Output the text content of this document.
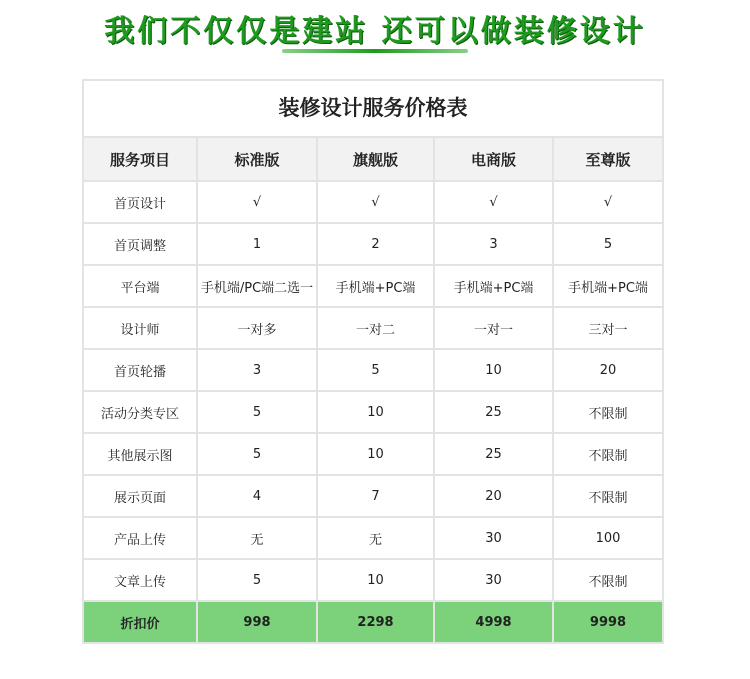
我们不仅仅是建站 还可以做装修设计
装修设计服务价格表
服务项目	标准版	旗舰版	电商版	至尊版
首页设计	√	√	√	√
首页调整	1	2	3	5
平台端	手机端/PC端二选一	手机端+PC端	手机端+PC端	手机端+PC端
设计师	一对多	一对二	一对一	三对一
首页轮播	3	5	10	20
活动分类专区	5	10	25	不限制
其他展示图	5	10	25	不限制
展示页面	4	7	20	不限制
产品上传	无	无	30	100
文章上传	5	10	30	不限制
折扣价	998	2298	4998	9998
